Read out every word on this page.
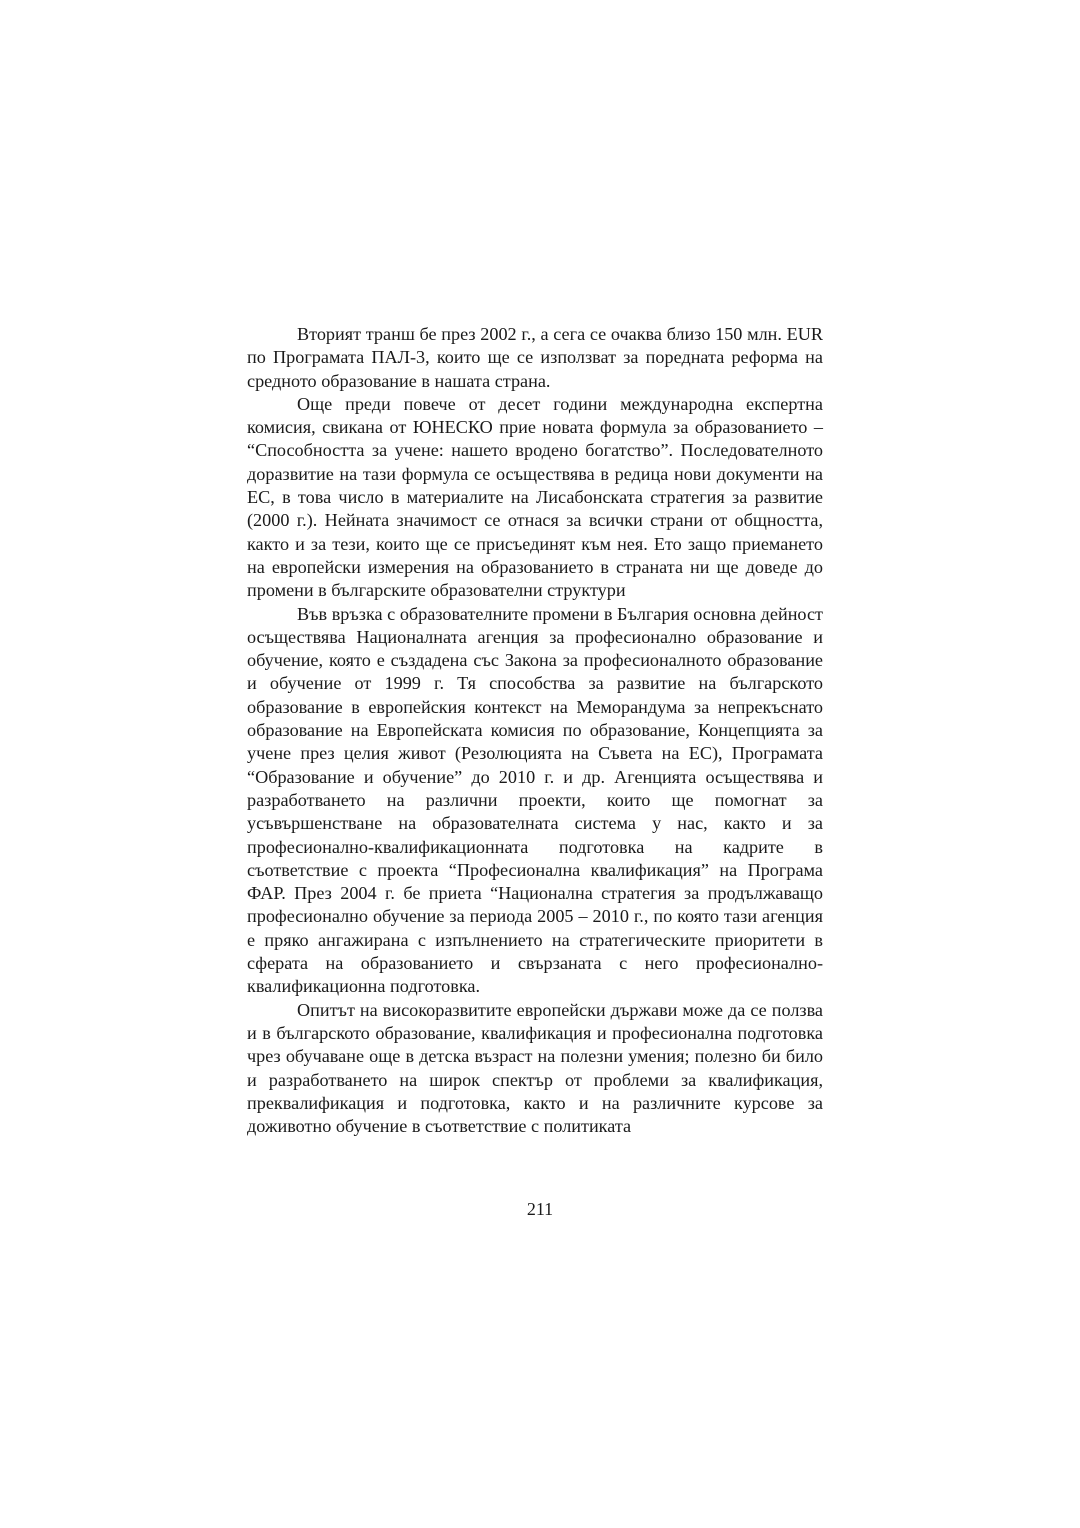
Вторият транш бе през 2002 г., а сега се очаква близо 150 млн. EUR по Програмата ПАЛ-3, които ще се използват за поредната реформа на средното образование в нашата страна.

Още преди повече от десет години международна експертна комисия, свикана от ЮНЕСКО прие новата формула за образованието – “Способността за учене: нашето вродено богатство”. Последователното доразвитие на тази формула се осъществява в редица нови документи на ЕС, в това число в материалите на Лисабонската стратегия за развитие (2000 г.). Нейната значимост се отнася за всички страни от общността, както и за тези, които ще се присъединят към нея. Ето защо приемането на европейски измерения на образованието в страната ни ще доведе до промени в българските образователни структури

Във връзка с образователните промени в България основна дейност осъществява Националната агенция за професионално образование и обучение, която е създадена със Закона за професионалното образование и обучение от 1999 г. Тя способства за развитие на българското образование в европейския контекст на Меморандума за непрекъснато образование на Европейската комисия по образование, Концепцията за учене през целия живот (Резолюцията на Съвета на ЕС), Програмата “Образование и обучение” до 2010 г. и др. Агенцията осъществява и разработването на различни проекти, които ще помогнат за усъвършенстване на образователната система у нас, както и за професионално-квалификационната подготовка на кадрите в съответствие с проекта “Професионална квалификация” на Програма ФАР. През 2004 г. бе приета “Национална стратегия за продължаващо професионално обучение за периода 2005 – 2010 г., по която тази агенция е пряко ангажирана с изпълнението на стратегическите приоритети в сферата на образованието и свързаната с него професионално-квалификационна подготовка.

Опитът на високоразвитите европейски държави може да се ползва и в българското образование, квалификация и професионална подготовка чрез обучаване още в детска възраст на полезни умения; полезно би било и разработването на широк спектър от проблеми за квалификация, преквалификация и подготовка, както и на различните курсове за доживотно обучение в съответствие с политиката

211
